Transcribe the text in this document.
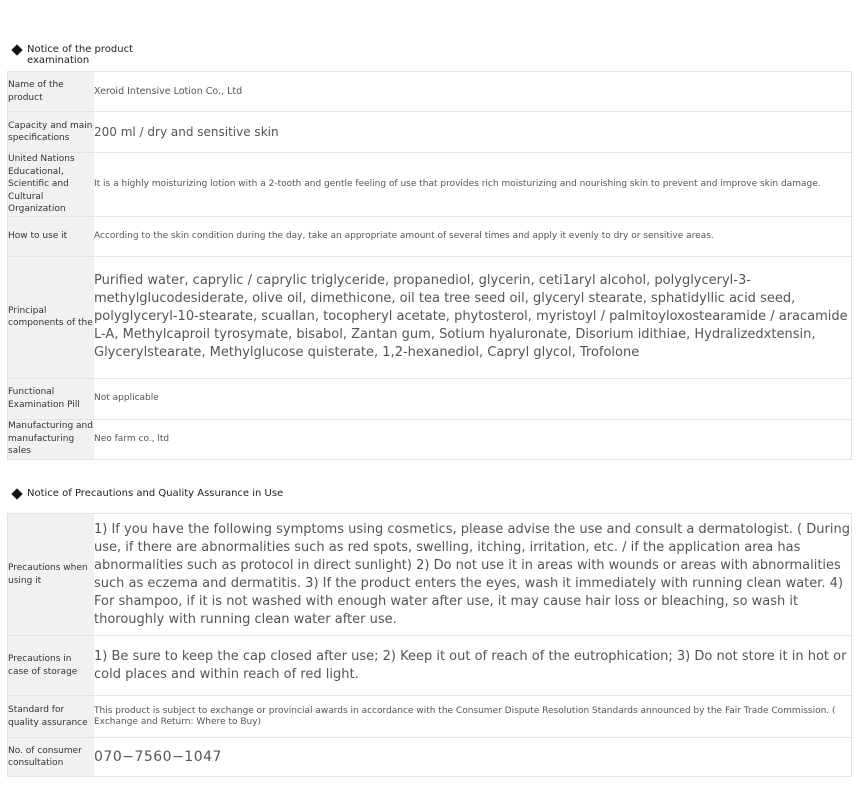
Notice of the product
examination
Name of the product	Xeroid Intensive Lotion Co., Ltd
Capacity and main specifications	200 ml / dry and sensitive skin
United Nations Educational, Scientific and Cultural Organization	It is a highly moisturizing lotion with a 2-tooth and gentle feeling of use that provides rich moisturizing and nourishing skin to prevent and improve skin damage.
How to use it	According to the skin condition during the day, take an appropriate amount of several times and apply it evenly to dry or sensitive areas.
Principal components of the	Purified water, caprylic / caprylic triglyceride, propanediol, glycerin, ceti1aryl alcohol, polyglyceryl-3-methylglucodesiderate, olive oil, dimethicone, oil tea tree seed oil, glyceryl stearate, sphatidyllic acid seed, polyglyceryl-10-stearate, scuallan, tocopheryl acetate, phytosterol, myristoyl / palmitoyloxostearamide / aracamide L-A, Methylcaproil tyrosymate, bisabol, Zantan gum, Sotium hyaluronate, Disorium idithiae, Hydralizedxtensin, Glycerylstearate, Methylglucose quisterate, 1,2-hexanediol, Capryl glycol, Trofolone
Functional Examination Pill	Not applicable
Manufacturing and manufacturing sales	Neo farm co., ltd
Notice of Precautions and Quality Assurance in Use
Precautions when using it	1) If you have the following symptoms using cosmetics, please advise the use and consult a dermatologist. ( During use, if there are abnormalities such as red spots, swelling, itching, irritation, etc. / if the application area has abnormalities such as protocol in direct sunlight) 2) Do not use it in areas with wounds or areas with abnormalities such as eczema and dermatitis. 3) If the product enters the eyes, wash it immediately with running clean water. 4) For shampoo, if it is not washed with enough water after use, it may cause hair loss or bleaching, so wash it thoroughly with running clean water after use.
Precautions in case of storage	1) Be sure to keep the cap closed after use; 2) Keep it out of reach of the eutrophication; 3) Do not store it in hot or cold places and within reach of red light.
Standard for quality assurance	This product is subject to exchange or provincial awards in accordance with the Consumer Dispute Resolution Standards announced by the Fair Trade Commission. ( Exchange and Return: Where to Buy)
No. of consumer consultation	070−7560−1047
